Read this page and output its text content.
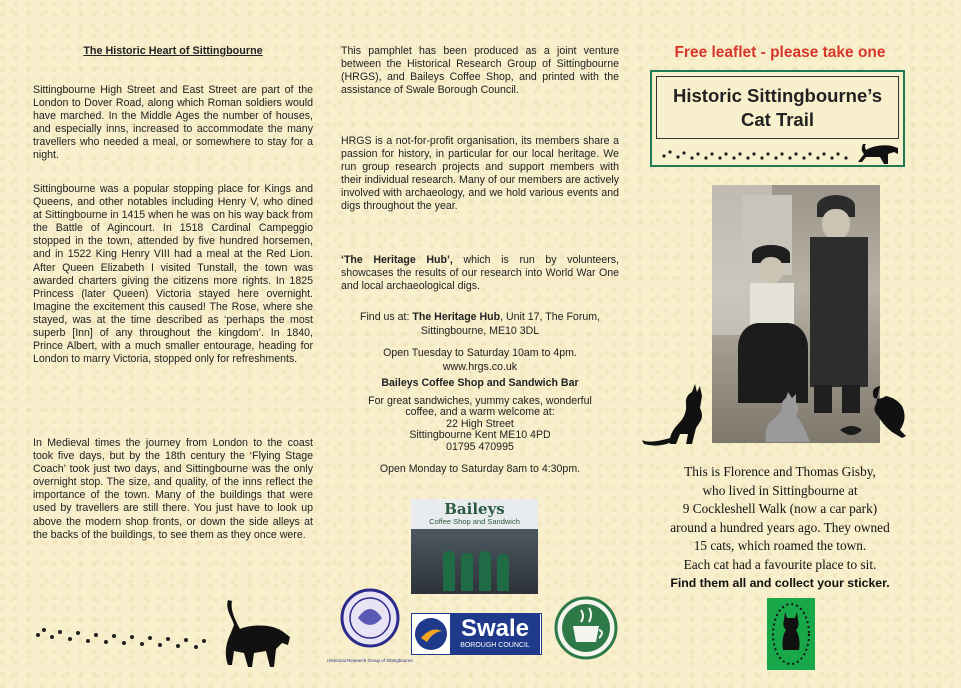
The Historic Heart of Sittingbourne

Sittingbourne High Street and East Street are part of the London to Dover Road, along which Roman soldiers would have marched. In the Middle Ages the number of houses, and especially inns, increased to accommodate the many travellers who needed a meal, or somewhere to stay for a night.

Sittingbourne was a popular stopping place for Kings and Queens, and other notables including Henry V, who dined at Sittingbourne in 1415 when he was on his way back from the Battle of Agincourt. In 1518 Cardinal Campeggio stopped in the town, attended by five hundred horsemen, and in 1522 King Henry VIII had a meal at the Red Lion. After Queen Elizabeth I visited Tunstall, the town was awarded charters giving the citizens more rights. In 1825 Princess (later Queen) Victoria stayed here overnight. Imagine the excitement this caused! The Rose, where she stayed, was at the time described as ‘perhaps the most superb [Inn] of any throughout the kingdom’. In 1840, Prince Albert, with a much smaller entourage, heading for London to marry Victoria, stopped only for refreshments.

In Medieval times the journey from London to the coast took five days, but by the 18th century the ‘Flying Stage Coach’ took just two days, and Sittingbourne was the only overnight stop. The size, and quality, of the inns reflect the importance of the town. Many of the buildings that were used by travellers are still there. You just have to look up above the modern shop fronts, or down the side alleys at the backs of the buildings, to see them as they once were.

This pamphlet has been produced as a joint venture between the Historical Research Group of Sittingbourne (HRGS), and Baileys Coffee Shop, and printed with the assistance of Swale Borough Council.

HRGS is a not-for-profit organisation, its members share a passion for history, in particular for our local heritage. We run group research projects and support members with their individual research. Many of our members are actively involved with archaeology, and we hold various events and digs throughout the year.

‘The Heritage Hub’, which is run by volunteers, showcases the results of our research into World War One and local archaeological digs.

Find us at: The Heritage Hub, Unit 17, The Forum,
Sittingbourne, ME10 3DL
Open Tuesday to Saturday 10am to 4pm.
www.hrgs.co.uk
Baileys Coffee Shop and Sandwich Bar
For great sandwiches, yummy cakes, wonderful
coffee, and a warm welcome at:
22 High Street
Sittingbourne Kent ME10 4PD
01795 470995
Open Monday to Saturday 8am to 4:30pm.
Baileys
Coffee Shop and Sandwich
Historical Research Group of Sittingbourne
Swale
BOROUGH COUNCIL
Free leaflet - please take one
Historic Sittingbourne’s
Cat Trail
This is Florence and Thomas Gisby,
who lived in Sittingbourne at
9 Cockleshell Walk (now a car park)
around a hundred years ago. They owned
15 cats, which roamed the town.
Each cat had a favourite place to sit.
Find them all and collect your sticker.
